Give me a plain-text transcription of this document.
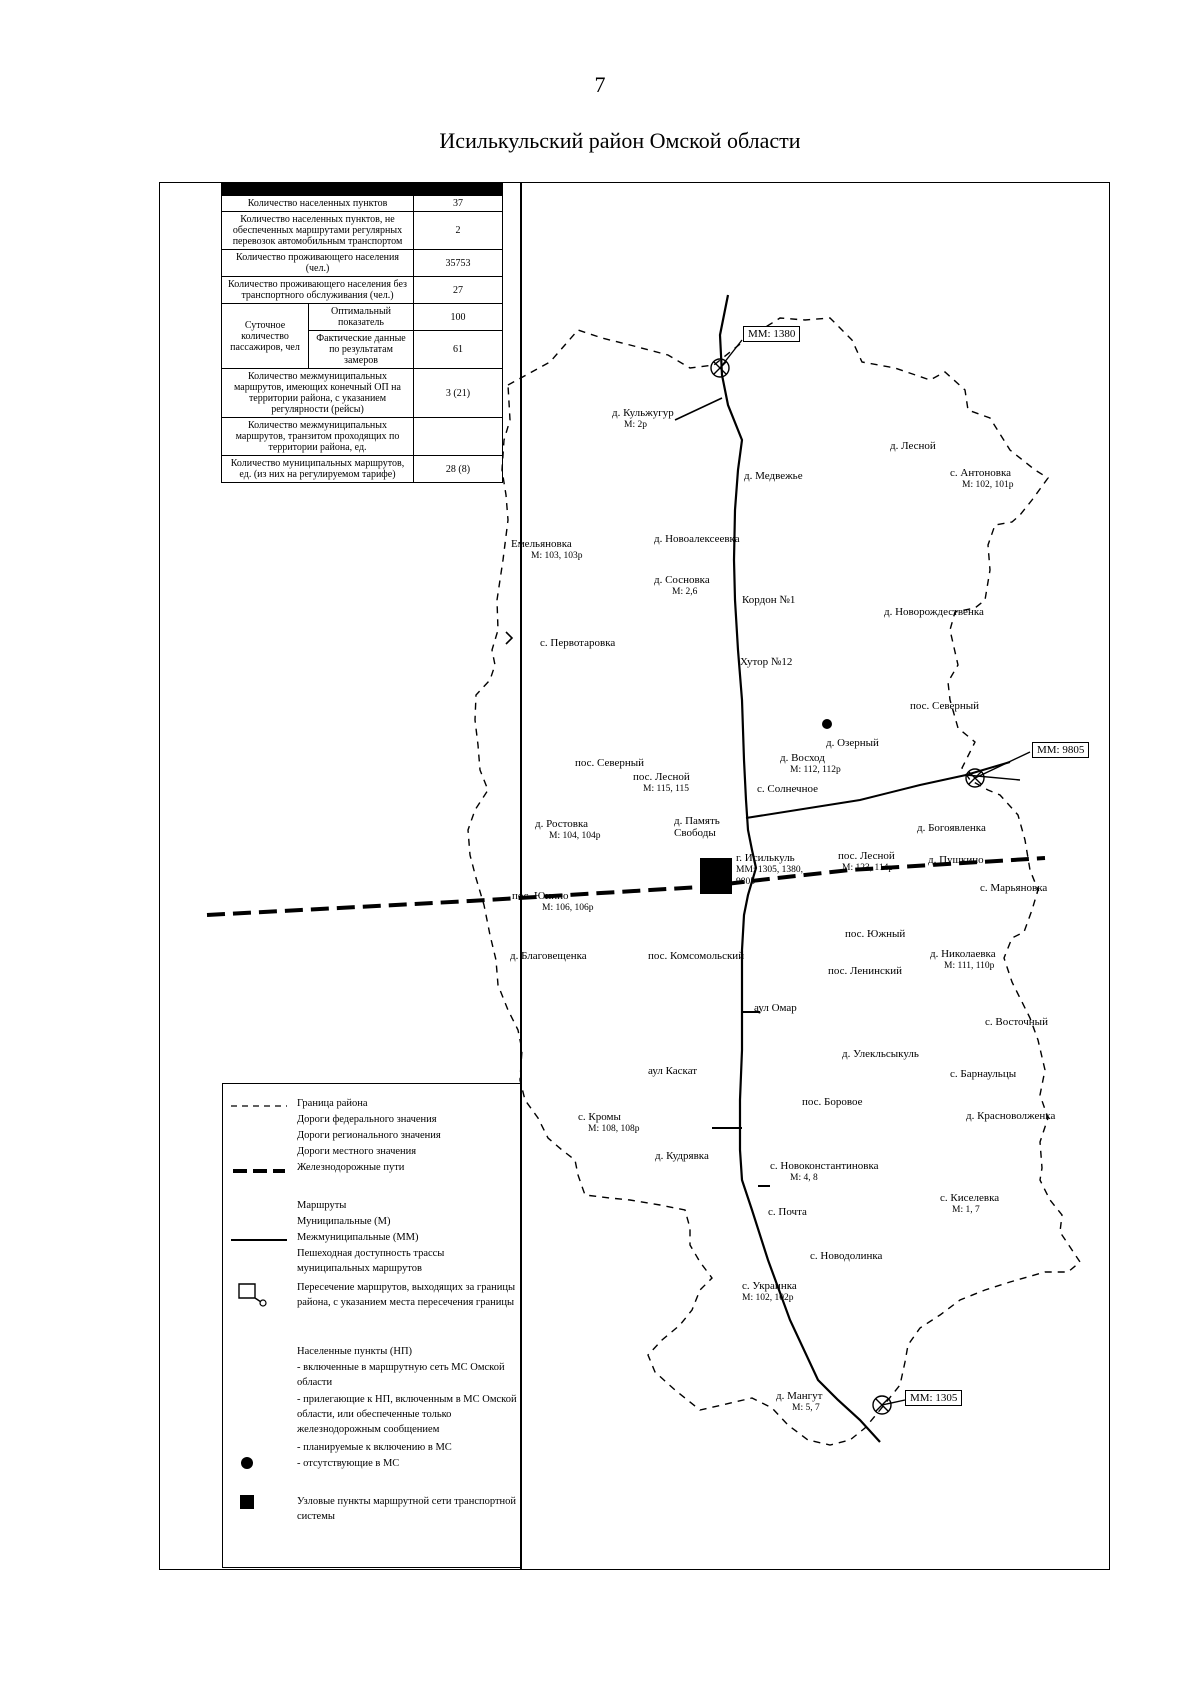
7
Исилькульский район Омской области

Количество населенных пунктов		37
Количество населенных пунктов, не обеспеченных маршрутами регулярных перевозок автомобильным транспортом		2
Количество проживающего населения (чел.)		35753
Количество проживающего населения без транспортного обслуживания (чел.)		27
Суточное количество пассажиров, чел	Оптимальный показатель	100
	Фактические данные по результатам замеров	61
Количество межмуниципальных маршрутов, имеющих конечный ОП на территории района, с указанием регулярности (рейсы)		3 (21)
Количество межмуниципальных маршрутов, транзитом проходящих по территории района, ед.		
Количество муниципальных маршрутов, ед. (из них на регулируемом тарифе)		28 (8)
ММ: 1380
ММ: 9805
ММ: 1305
д. Кульжугур
М: 2р
д. Медвежье
д. Лесной
с. Антоновка
М: 102, 101р
Емельяновка
М: 103, 103р
д. Новоалексеевка
д. Сосновка
М: 2,6
Кордон №1
д. Новорождественка
с. Первотаровка
Хутор №12
пос. Северный
д. Озерный
д. Восход
М: 112, 112р
пос. Северный
пос. Лесной
М: 115, 115	с. Солнечное
д. Ростовка
М: 104, 104р
д. Память Свободы	д. Богоявленка
г. Исилькуль
ММ: 1305, 1380, 9805
пос. Лесной
М: 123, 114р
д. Пушкино
с. Марьяновка
пос. Юнино
М: 106, 106р
пос. Южный
д. Благовещенка	пос. Комсомольский	д. Николаевка
М: 111, 110р
пос. Ленинский
аул Омар
с. Восточный
д. Улекльсыкуль
аул Каскат	с. Барнаульцы
пос. Боровое
д. Красноволженка
с. Кромы
М: 108, 108р
д. Кудрявка
с. Новоконстантиновка
М: 4, 8
с. Киселевка
М: 1, 7
с. Почта
с. Новодолинка
с. Украинка
М: 102, 102р
д. Мангут
М: 5, 7
Граница района
Дороги федерального значения
Дороги регионального значения
Дороги местного значения
Железнодорожные пути
Маршруты
Муниципальные (М)
Межмуниципальные (ММ)
Пешеходная доступность трассы муниципальных маршрутов
Пересечение маршрутов, выходящих за границы района, с указанием места пересечения границы
Населенные пункты (НП)
- включенные в маршрутную сеть МС Омской области
- прилегающие к НП, включенным в МС Омской области, или обеспеченные только железнодорожным сообщением
- планируемые к включению в МС
- отсутствующие в МС
Узловые пункты маршрутной сети транспортной системы
